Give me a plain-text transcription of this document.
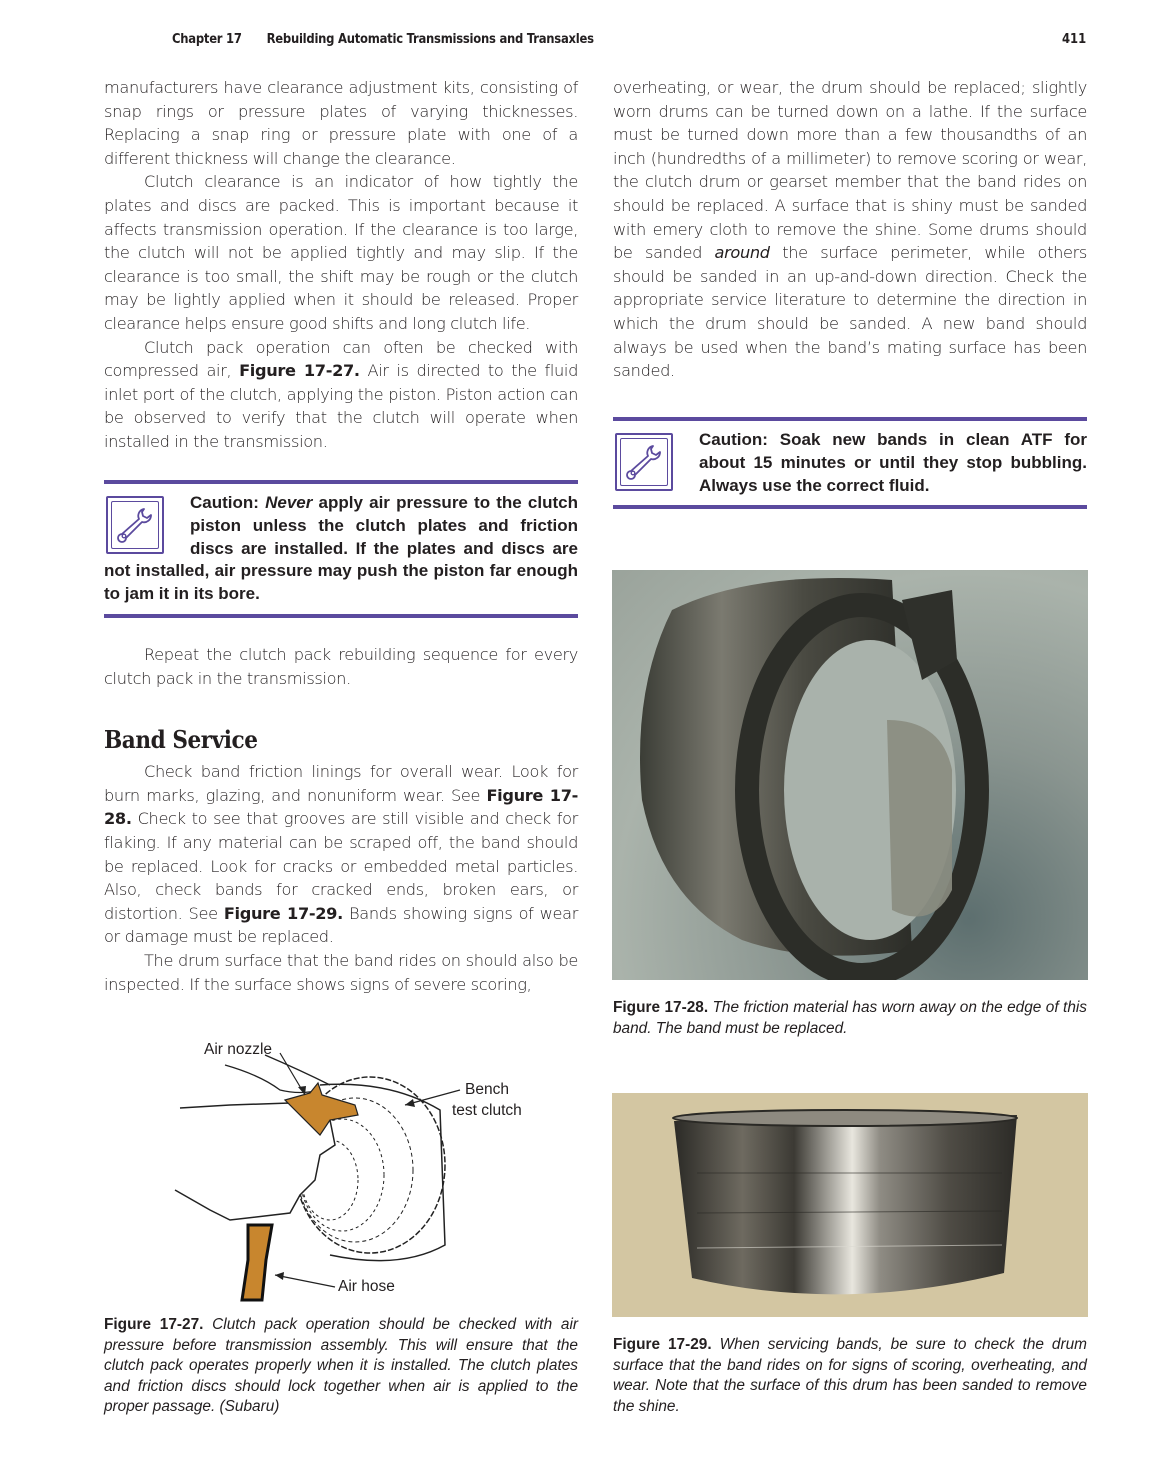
Chapter 17 Rebuilding Automatic Transmissions and Transaxles	411

manufacturers have clearance adjustment kits, consisting of snap rings or pressure plates of varying thicknesses. Replacing a snap ring or pressure plate with one of a different thickness will change the clearance.

Clutch clearance is an indicator of how tightly the plates and discs are packed. This is important because it affects transmission operation. If the clearance is too large, the clutch will not be applied tightly and may slip. If the clearance is too small, the shift may be rough or the clutch may be lightly applied when it should be released. Proper clearance helps ensure good shifts and long clutch life.

Clutch pack operation can often be checked with compressed air, Figure 17-27. Air is directed to the fluid inlet port of the clutch, applying the piston. Piston action can be observed to verify that the clutch will operate when installed in the transmission.

Caution: Never apply air pressure to the clutch piston unless the clutch plates and friction discs are installed. If the plates and discs are not installed, air pressure may push the piston far enough to jam it in its bore.

Repeat the clutch pack rebuilding sequence for every clutch pack in the transmission.

Band Service

Check band friction linings for overall wear. Look for burn marks, glazing, and nonuniform wear. See Figure 17-28. Check to see that grooves are still visible and check for flaking. If any material can be scraped off, the band should be replaced. Look for cracks or embedded metal particles. Also, check bands for cracked ends, broken ears, or distortion. See Figure 17-29. Bands showing signs of wear or damage must be replaced.

The drum surface that the band rides on should also be inspected. If the surface shows signs of severe scoring,

Air nozzle
Bench
test clutch
Air hose

Figure 17-27. Clutch pack operation should be checked with air pressure before transmission assembly. This will ensure that the clutch pack operates properly when it is installed. The clutch plates and friction discs should lock together when air is applied to the proper passage. (Subaru)

overheating, or wear, the drum should be replaced; slightly worn drums can be turned down on a lathe. If the surface must be turned down more than a few thousandths of an inch (hundredths of a millimeter) to remove scoring or wear, the clutch drum or gearset member that the band rides on should be replaced. A surface that is shiny must be sanded with emery cloth to remove the shine. Some drums should be sanded around the surface perimeter, while others should be sanded in an up-and-down direction. Check the appropriate service literature to determine the direction in which the drum should be sanded. A new band should always be used when the band’s mating surface has been sanded.

Caution: Soak new bands in clean ATF for about 15 minutes or until they stop bubbling. Always use the correct fluid.

Figure 17-28. The friction material has worn away on the edge of this band. The band must be replaced.

Figure 17-29. When servicing bands, be sure to check the drum surface that the band rides on for signs of scoring, overheating, and wear. Note that the surface of this drum has been sanded to remove the shine.
